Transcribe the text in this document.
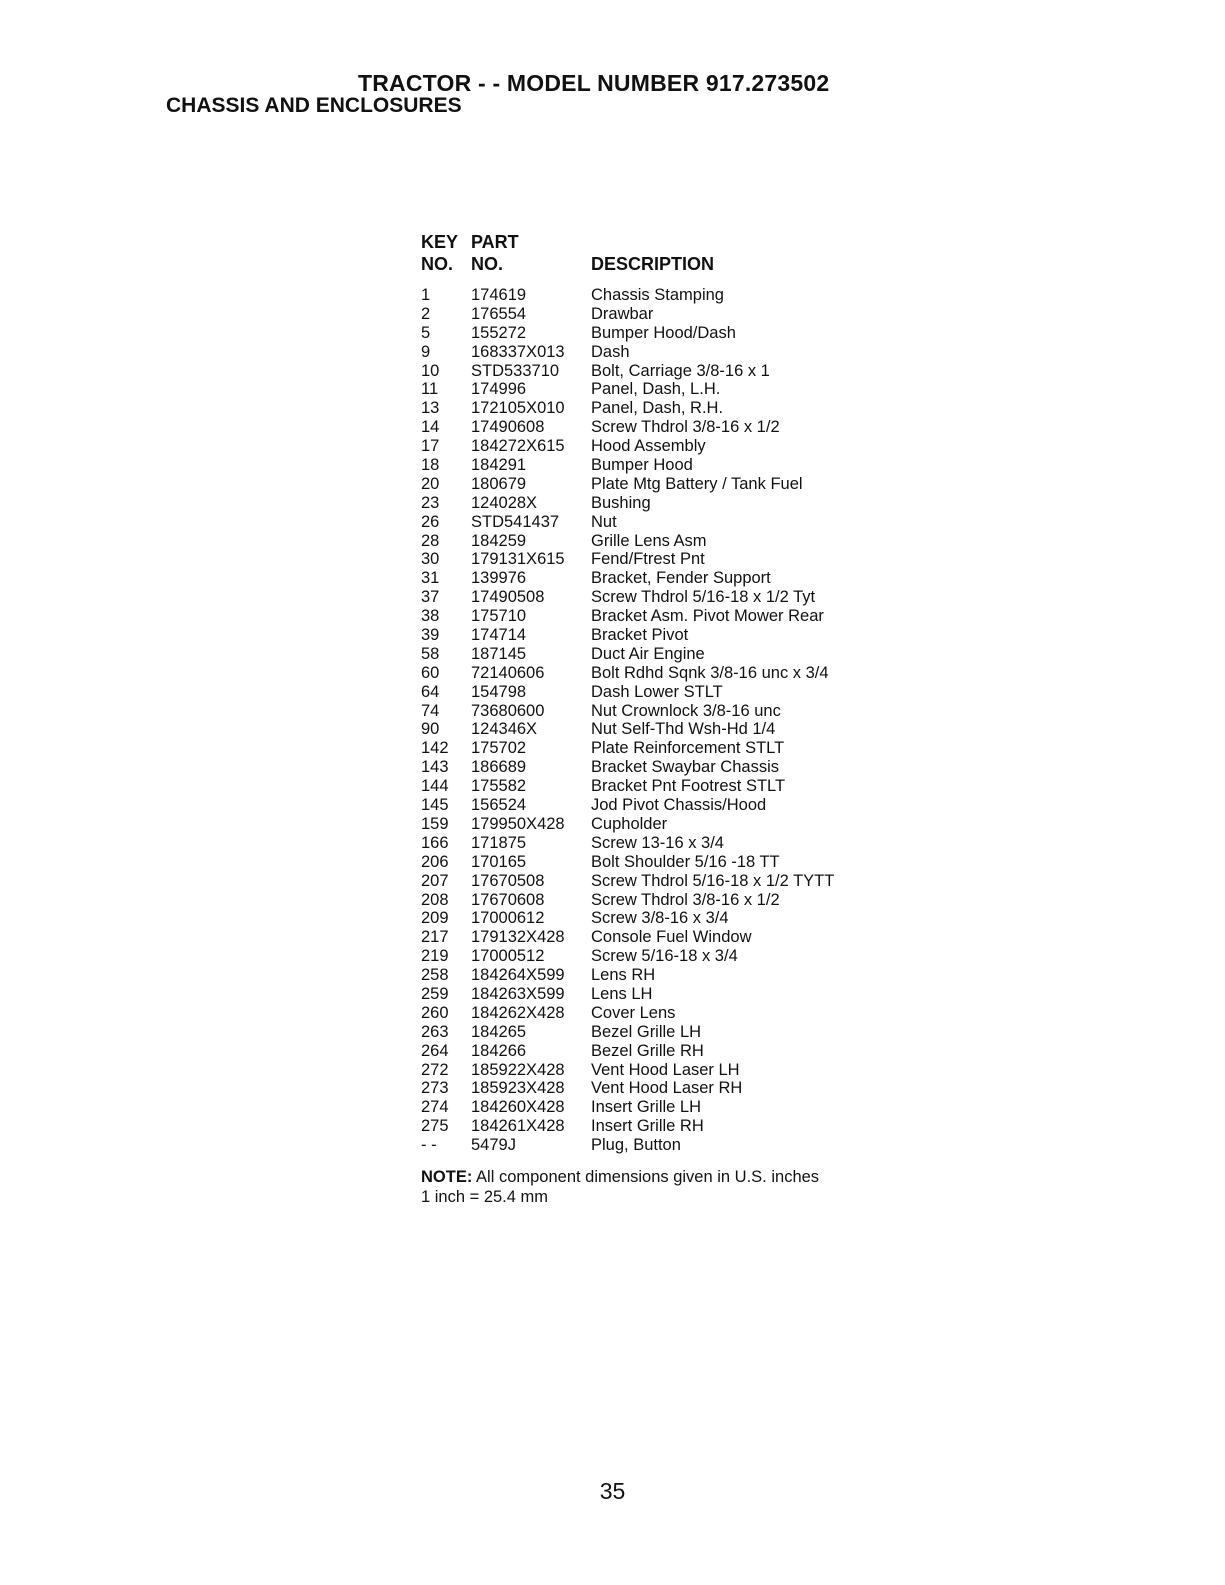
TRACTOR - - MODEL NUMBER 917.273502
CHASSIS AND ENCLOSURES
KEY PART
NO. NO.	DESCRIPTION
1 174619	Chassis Stamping
2 176554	Drawbar
5 155272	Bumper Hood/Dash
9 168337X013 Dash
10 STD533710 Bolt, Carriage 3/8-16 x 1
11 174996	Panel, Dash, L.H.
13 172105X010 Panel, Dash, R.H.
14 17490608	Screw Thdrol 3/8-16 x 1/2
17 184272X615 Hood Assembly
18 184291	Bumper Hood
20 180679	Plate Mtg Battery / Tank Fuel
23 124028X	Bushing
26 STD541437 Nut
28 184259	Grille Lens Asm
30 179131X615 Fend/Ftrest Pnt
31 139976	Bracket, Fender Support
37 17490508	Screw Thdrol 5/16-18 x 1/2 Tyt
38 175710	Bracket Asm. Pivot Mower Rear
39 174714	Bracket Pivot
58 187145	Duct Air Engine
60 72140606	Bolt Rdhd Sqnk 3/8-16 unc x 3/4
64 154798	Dash Lower STLT
74 73680600	Nut Crownlock 3/8-16 unc
90 124346X	Nut Self-Thd Wsh-Hd 1/4
142 175702	Plate Reinforcement STLT
143 186689	Bracket Swaybar Chassis
144 175582	Bracket Pnt Footrest STLT
145 156524	Jod Pivot Chassis/Hood
159 179950X428 Cupholder
166 171875	Screw 13-16 x 3/4
206 170165	Bolt Shoulder 5/16 -18 TT
207 17670508	Screw Thdrol 5/16-18 x 1/2 TYTT
208 17670608	Screw Thdrol 3/8-16 x 1/2
209 17000612	Screw 3/8-16 x 3/4
217 179132X428 Console Fuel Window
219 17000512	Screw 5/16-18 x 3/4
258 184264X599 Lens RH
259 184263X599 Lens LH
260 184262X428 Cover Lens
263 184265	Bezel Grille LH
264 184266	Bezel Grille RH
272 185922X428 Vent Hood Laser LH
273 185923X428 Vent Hood Laser RH
274 184260X428 Insert Grille LH
275 184261X428 Insert Grille RH
- - 5479J	Plug, Button
NOTE: All component dimensions given in U.S. inches
1 inch = 25.4 mm
35
